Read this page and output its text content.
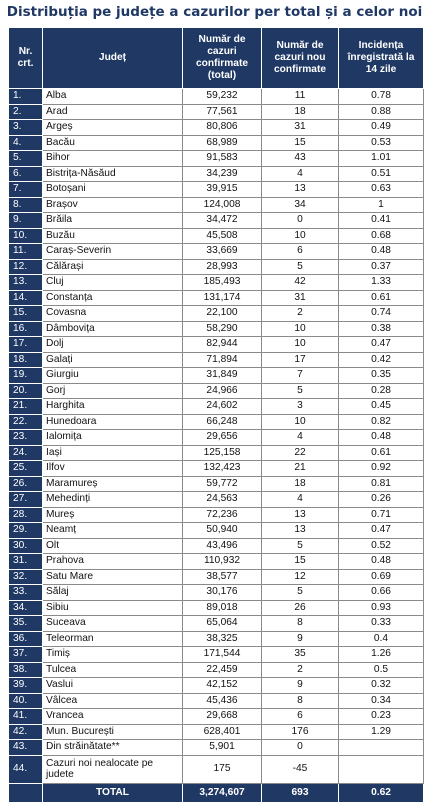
Distribuția pe județe a cazurilor per total și a celor noi
Nr. crt.	Județ	Număr de cazuri confirmate (total)	Număr de cazuri nou confirmate	Incidența înregistrată la 14 zile
1.	Alba	59,232	11	0.78
2.	Arad	77,561	18	0.88
3.	Argeș	80,806	31	0.49
4.	Bacău	68,989	15	0.53
5.	Bihor	91,583	43	1.01
6.	Bistrița-Năsăud	34,239	4	0.51
7.	Botoșani	39,915	13	0.63
8.	Brașov	124,008	34	1
9.	Brăila	34,472	0	0.41
10.	Buzău	45,508	10	0.68
11.	Caraș-Severin	33,669	6	0.48
12.	Călărași	28,993	5	0.37
13.	Cluj	185,493	42	1.33
14.	Constanța	131,174	31	0.61
15.	Covasna	22,100	2	0.74
16.	Dâmbovița	58,290	10	0.38
17.	Dolj	82,944	10	0.47
18.	Galați	71,894	17	0.42
19.	Giurgiu	31,849	7	0.35
20.	Gorj	24,966	5	0.28
21.	Harghita	24,602	3	0.45
22.	Hunedoara	66,248	10	0.82
23.	Ialomița	29,656	4	0.48
24.	Iași	125,158	22	0.61
25.	Ilfov	132,423	21	0.92
26.	Maramureș	59,772	18	0.81
27.	Mehedinți	24,563	4	0.26
28.	Mureș	72,236	13	0.71
29.	Neamț	50,940	13	0.47
30.	Olt	43,496	5	0.52
31.	Prahova	110,932	15	0.48
32.	Satu Mare	38,577	12	0.69
33.	Sălaj	30,176	5	0.66
34.	Sibiu	89,018	26	0.93
35.	Suceava	65,064	8	0.33
36.	Teleorman	38,325	9	0.4
37.	Timiș	171,544	35	1.26
38.	Tulcea	22,459	2	0.5
39.	Vaslui	42,152	9	0.32
40.	Vâlcea	45,436	8	0.34
41.	Vrancea	29,668	6	0.23
42.	Mun. București	628,401	176	1.29
43.	Din străinătate**	5,901	0	
44.	Cazuri noi nealocate pe judete	175	-45	
	TOTAL	3,274,607	693	0.62
